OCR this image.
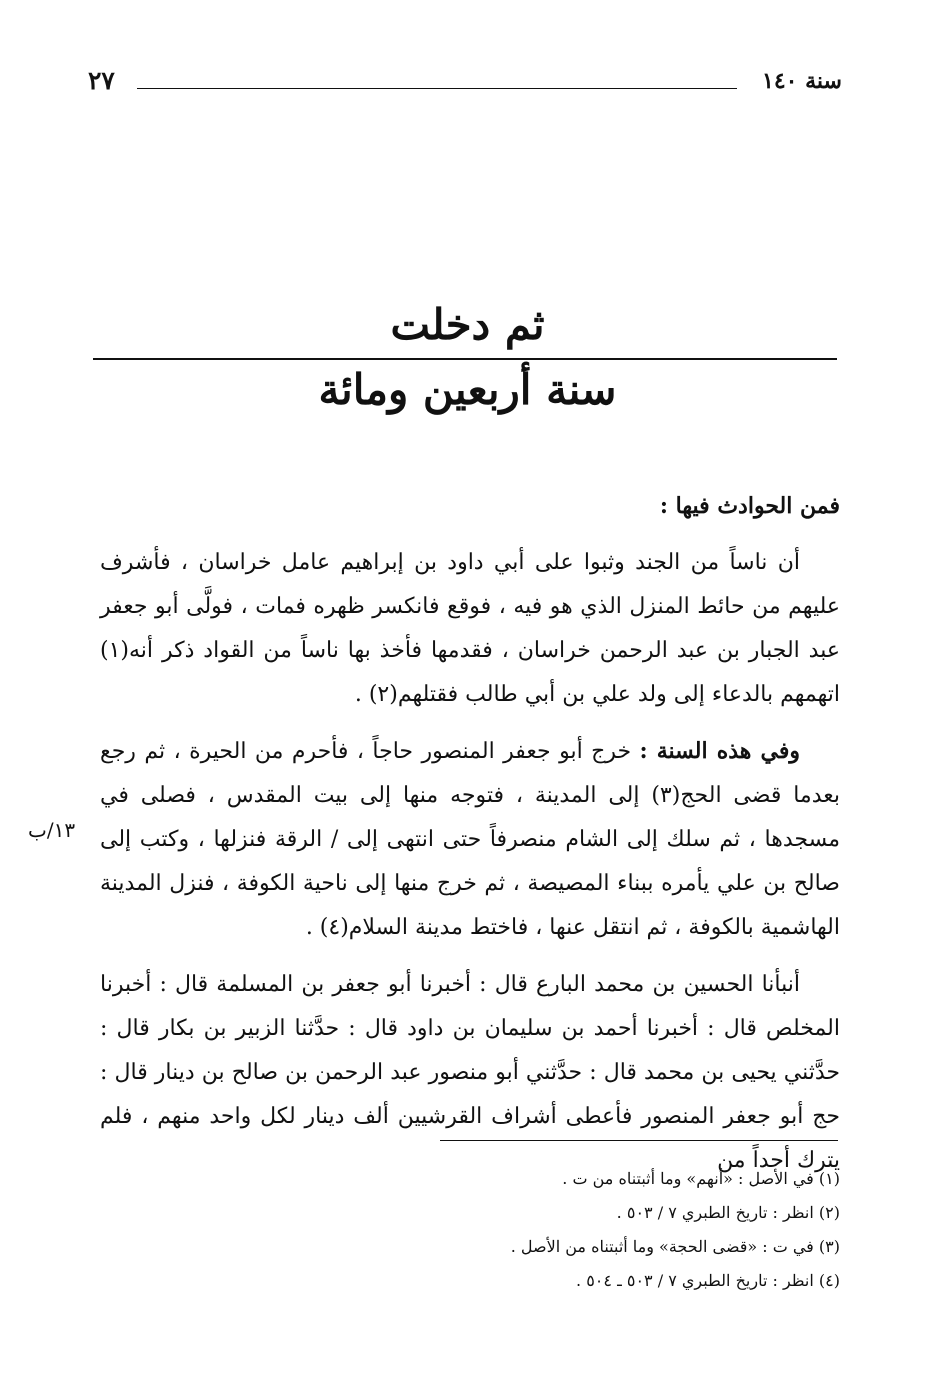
٢٧	سنة ١٤٠
ثم دخلت
سنة أربعين ومائة
فمن الحوادث فيها :

أن ناساً من الجند وثبوا على أبي داود بن إبراهيم عامل خراسان ، فأشرف عليهم من حائط المنزل الذي هو فيه ، فوقع فانكسر ظهره فمات ، فولَّى أبو جعفر عبد الجبار بن عبد الرحمن خراسان ، فقدمها فأخذ بها ناساً من القواد ذكر أنه(١) اتهمهم بالدعاء إلى ولد علي بن أبي طالب فقتلهم(٢) .

وفي هذه السنة : خرج أبو جعفر المنصور حاجاً ، فأحرم من الحيرة ، ثم رجع بعدما قضى الحج(٣) إلى المدينة ، فتوجه منها إلى بيت المقدس ، فصلى في مسجدها ، ثم سلك إلى الشام منصرفاً حتى انتهى إلى / الرقة فنزلها ، وكتب إلى صالح بن علي يأمره ببناء المصيصة ، ثم خرج منها إلى ناحية الكوفة ، فنزل المدينة الهاشمية بالكوفة ، ثم انتقل عنها ، فاختط مدينة السلام(٤) .

أنبأنا الحسين بن محمد البارع قال : أخبرنا أبو جعفر بن المسلمة قال : أخبرنا المخلص قال : أخبرنا أحمد بن سليمان بن داود قال : حدَّثنا الزبير بن بكار قال : حدَّثني يحيى بن محمد قال : حدَّثني أبو منصور عبد الرحمن بن صالح بن دينار قال : حج أبو جعفر المنصور فأعطى أشراف القرشيين ألف دينار لكل واحد منهم ، فلم يترك أحداً من

١٣/ب
(١) في الأصل : «أنهم» وما أثبتناه من ت .
(٢) انظر : تاريخ الطبري ٧ / ٥٠٣ .
(٣) في ت : «قضى الحجة» وما أثبتناه من الأصل .
(٤) انظر : تاريخ الطبري ٧ / ٥٠٣ ـ ٥٠٤ .
